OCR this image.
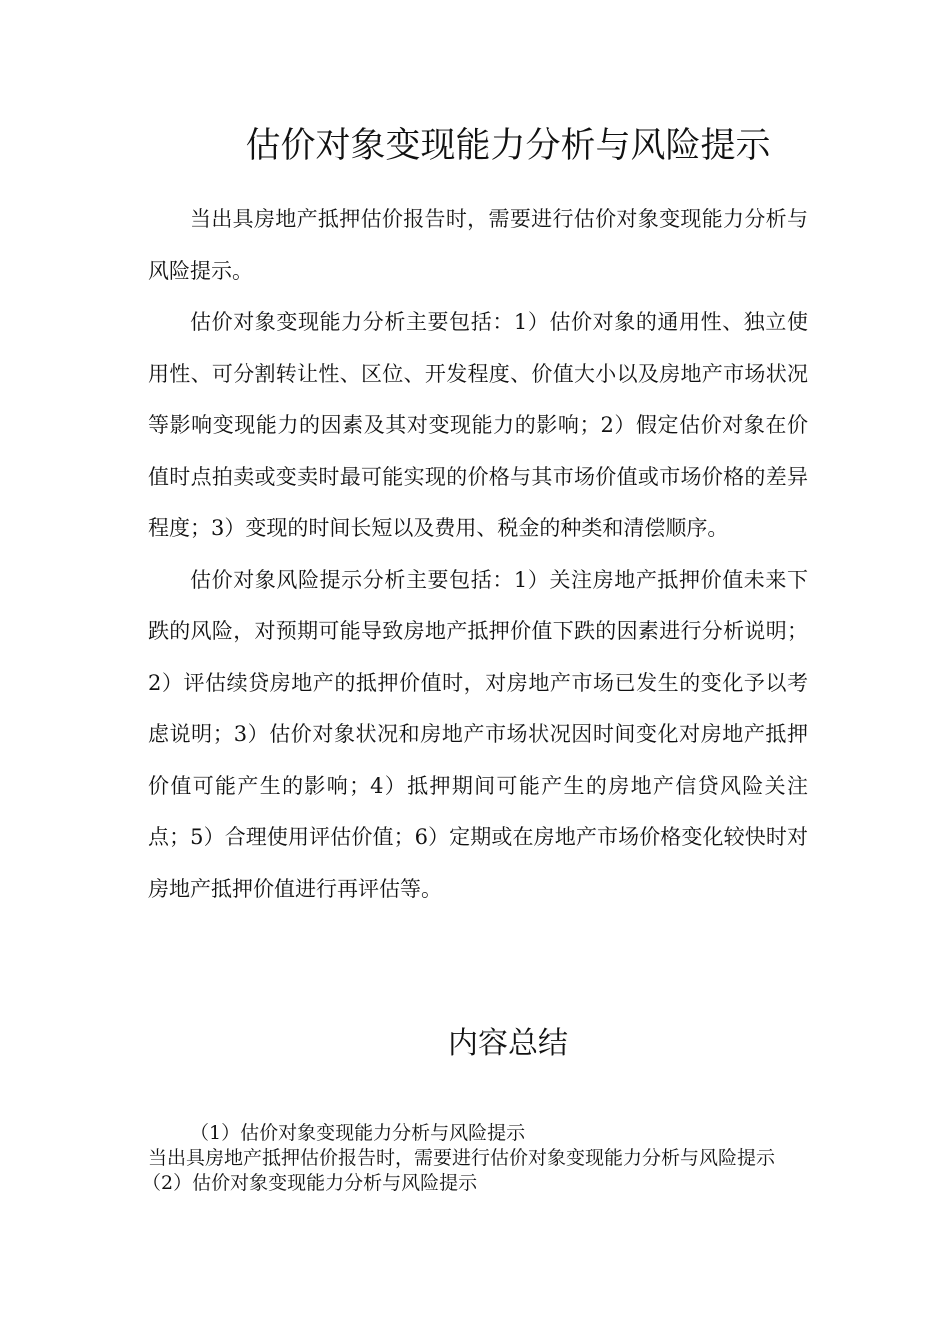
估价对象变现能力分析与风险提示

当出具房地产抵押估价报告时，需要进行估价对象变现能力分析与风险提示。

估价对象变现能力分析主要包括：1）估价对象的通用性、独立使用性、可分割转让性、区位、开发程度、价值大小以及房地产市场状况等影响变现能力的因素及其对变现能力的影响；2）假定估价对象在价值时点拍卖或变卖时最可能实现的价格与其市场价值或市场价格的差异程度；3）变现的时间长短以及费用、税金的种类和清偿顺序。

估价对象风险提示分析主要包括：1）关注房地产抵押价值未来下跌的风险，对预期可能导致房地产抵押价值下跌的因素进行分析说明；2）评估续贷房地产的抵押价值时，对房地产市场已发生的变化予以考虑说明；3）估价对象状况和房地产市场状况因时间变化对房地产抵押价值可能产生的影响；4）抵押期间可能产生的房地产信贷风险关注点；5）合理使用评估价值；6）定期或在房地产市场价格变化较快时对房地产抵押价值进行再评估等。

内容总结
（1）估价对象变现能力分析与风险提示
当出具房地产抵押估价报告时，需要进行估价对象变现能力分析与风险提示
（2）估价对象变现能力分析与风险提示
